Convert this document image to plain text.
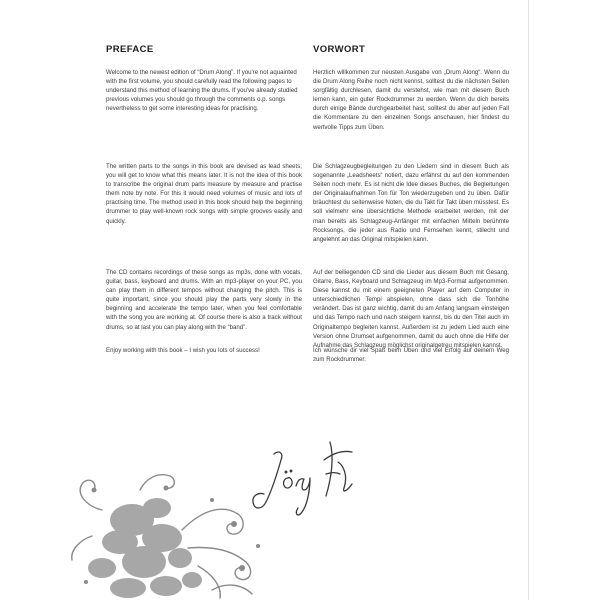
PREFACE

Welcome to the newest edition of “Drum Along”. If you're not aquainted with the first volume, you should carefully read the following pages to understand this method of learning the drums. If you've already studied previous volumes you should go through the comments o.p. songs nevertheless to get some interesting ideas for practising.

The written parts to the songs in this book are devised as lead sheets; you will get to know what this means later. It is not the idea of this book to transcribe the original drum parts measure by measure and practise them note by note. For this it would need volumes of music and lots of practising time. The method used in this book should help the beginning drummer to play well-known rock songs with simple grooves easily and quickly.

The CD contains recordings of these songs as mp3s, done with vocals, guitar, bass, keyboard and drums. With an mp3-player on your PC, you can play them in different tempos without changing the pitch. This is quite important, since you should play the parts very slowly in the beginning and accelerate the tempo later, when you feel comfortable with the song you are working at. Of course there is also a track without drums, so at last you can play along with the “band”.

Enjoy working with this book – I wish you lots of success!

VORWORT

Herzlich willkommen zur neusten Ausgabe von „Drum Along“. Wenn du die Drum Along Reihe noch nicht kennst, solltest du die nächsten Seiten sorgfältig durchlesen, damit du verstehst, wie man mit diesem Buch lernen kann, ein guter Rockdrummer zu werden. Wenn du dich bereits durch einige Bände durchgearbeitet hast, solltest du aber auf jeden Fall die Kommentare zu den einzelnen Songs anschauen, hier findest du wertvolle Tipps zum Üben.

Die Schlagzeugbegleitungen zu den Liedern sind in diesem Buch als sogenannte „Leadsheets“ notiert, dazu erfährst du auf den kommenden Seiten noch mehr. Es ist nicht die Idee dieses Buches, die Begleitungen der Originalaufnahmen Ton für Ton wiederzugeben und zu üben. Dafür bräuchtest du seitenweise Noten, die du Takt für Takt üben müsstest. Es soll vielmehr eine übersichtliche Methode erarbeitet werden, mit der man bereits als Schlagzeug-Anfänger mit einfachen Mitteln berühmte Rocksongs, die jeder aus Radio und Fernsehen kennt, stilecht und angelehnt an das Original mitspielen kann.

Auf der beiliegenden CD sind die Lieder aus diesem Buch mit Gesang, Gitarre, Bass, Keyboard und Schlagzeug im Mp3-Format aufgenommen. Diese kannst du mit einem geeigneten Player auf dem Computer in unterschiedlichen Tempi abspielen, ohne dass sich die Tonhöhe verändert. Das ist ganz wichtig, damit du am Anfang langsam einsteigen und das Tempo nach und nach steigern kannst, bis du den Titel auch im Originaltempo begleiten kannst. Außerdem ist zu jedem Lied auch eine Version ohne Drumset aufgenommen, damit du auch ohne die Hilfe der Aufnahme das Schlagzeug möglichst originalgetreu mitspielen kannst.

Ich wünsche dir viel Spaß beim Üben und viel Erfolg auf deinem Weg zum Rockdrummer.
